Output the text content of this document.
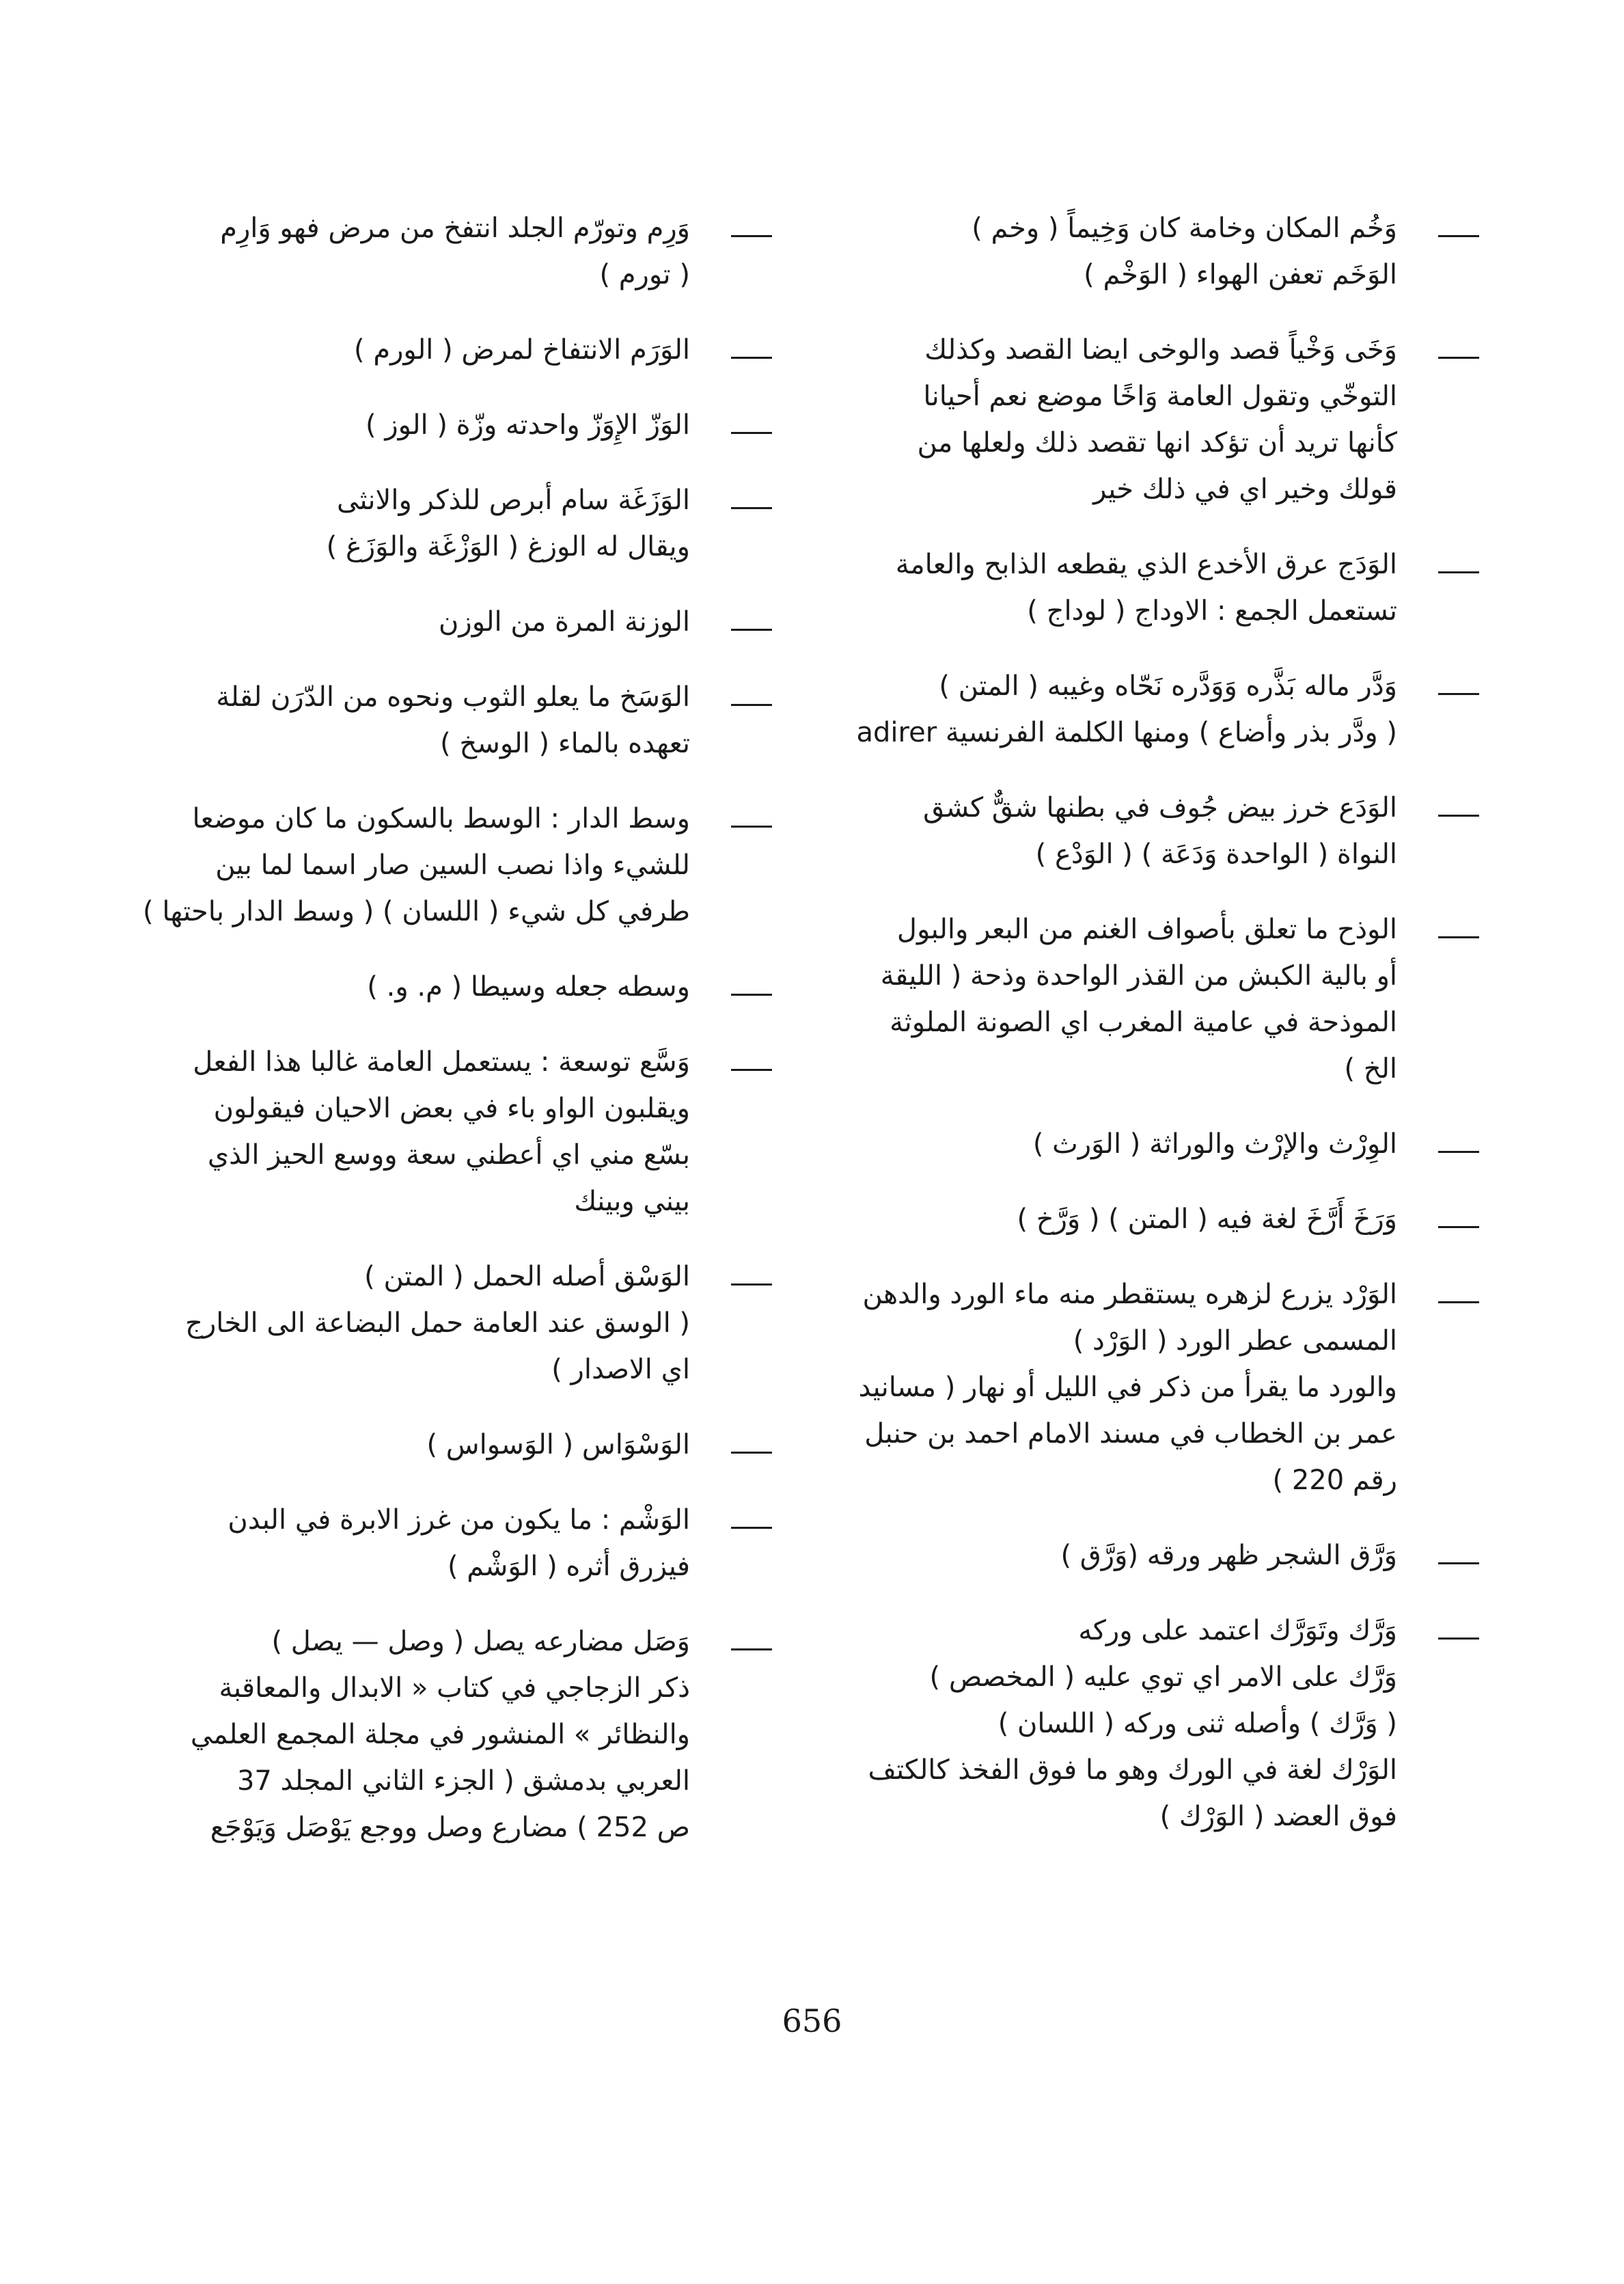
وَخُم المكان وخامة كان وَخِيماً ( وخم )
الوَخَم تعفن الهواء ( الوَخْم )
وَخَى وَخْياً قصد والوخى ايضا القصد وكذلك
التوخّي وتقول العامة وَاخًا موضع نعم أحيانا
كأنها تريد أن تؤكد انها تقصد ذلك ولعلها من
قولك وخير اي في ذلك خير
الوَدَج عرق الأخدع الذي يقطعه الذابح والعامة
تستعمل الجمع : الاوداج ( لوداج )
وَدَّر ماله بَذَّره وَوَدَّره نَحّاه وغيبه ( المتن )
( ودَّر بذر وأضاع ) ومنها الكلمة الفرنسية adirer
الوَدَع خرز بيض جُوف في بطنها شقٌّ كشق
النواة ( الواحدة وَدَعَة ) ( الوَدْع )
الوذح ما تعلق بأصواف الغنم من البعر والبول
أو بالية الكبش من القذر الواحدة وذحة ( الليقة
الموذحة في عامية المغرب اي الصونة الملوثة
الخ )
الوِرْث والإرْث والوراثة ( الوَرث )
وَرَخَ أَرَّخَ لغة فيه ( المتن ) ( وَرَّخ )
الوَرْد يزرع لزهره يستقطر منه ماء الورد والدهن
المسمى عطر الورد ( الوَرْد )
والورد ما يقرأ من ذكر في الليل أو نهار ( مسانيد
عمر بن الخطاب في مسند الامام احمد بن حنبل
رقم 220 )
وَرَّق الشجر ظهر ورقه (وَرَّق )
وَرَّك وتَوَرَّك اعتمد على وركه
وَرَّك على الامر اي توي عليه ( المخصص )
( وَرَّك ) وأصله ثنى وركه ( اللسان )
الوَرْك لغة في الورك وهو ما فوق الفخذ كالكتف
فوق العضد ( الوَرْك )
وَرِم وتورّم الجلد انتفخ من مرض فهو وَارِم
( تورم )
الوَرَم الانتفاخ لمرض ( الورم )
الوَزّ الإِوَزّ واحدته وزّة ( الوز )
الوَزَغَة سام أبرص للذكر والانثى
ويقال له الوزغ ( الوَزْغَة والوَزَغ )
الوزنة المرة من الوزن
الوَسَخ ما يعلو الثوب ونحوه من الدّرَن لقلة
تعهده بالماء ( الوسخ )
وسط الدار : الوسط بالسكون ما كان موضعا
للشيء واذا نصب السين صار اسما لما بين
طرفي كل شيء ( اللسان ) ( وسط الدار باحتها )
وسطه جعله وسيطا ( م. و. )
وَسَّع توسعة : يستعمل العامة غالبا هذا الفعل
ويقلبون الواو باء في بعض الاحيان فيقولون
بسّع مني اي أعطني سعة ووسع الحيز الذي
بيني وبينك
الوَسْق أصله الحمل ( المتن )
( الوسق عند العامة حمل البضاعة الى الخارج
اي الاصدار )
الوَسْوَاس ( الوَسواس )
الوَشْم : ما يكون من غرز الابرة في البدن
فيزرق أثره ( الوَشْم )
وَصَل مضارعه يصل ( وصل — يصل )
ذكر الزجاجي في كتاب « الابدال والمعاقبة
والنظائر » المنشور في مجلة المجمع العلمي
العربي بدمشق ( الجزء الثاني المجلد 37
ص 252 ) مضارع وصل ووجع يَوْصَل وَيَوْجَع
656
